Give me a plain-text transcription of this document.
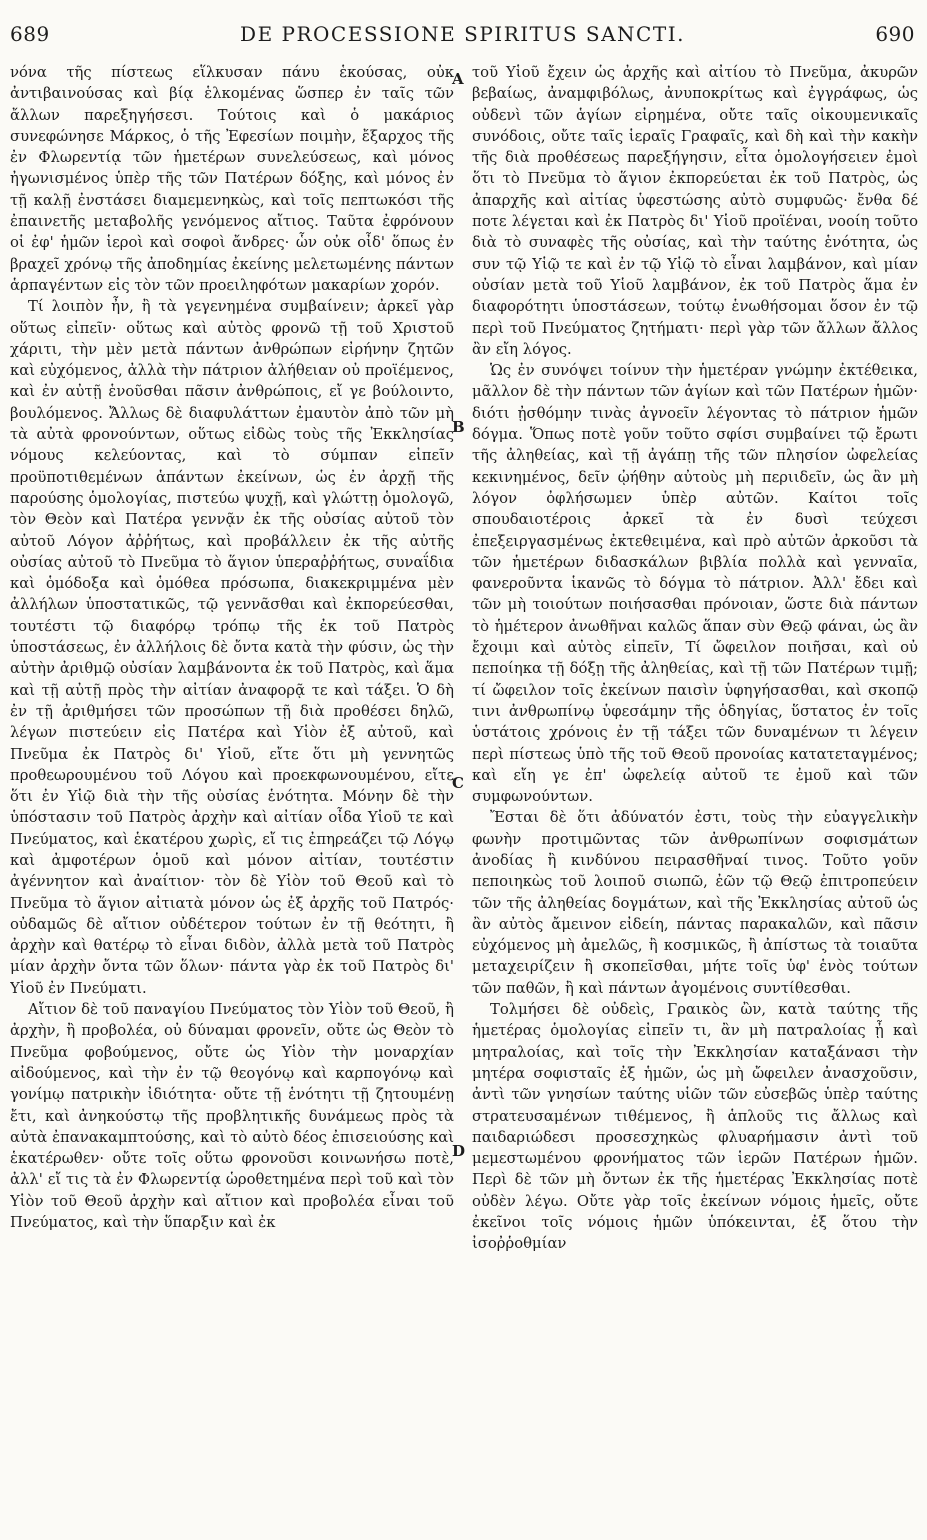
689	DE PROCESSIONE SPIRITUS SANCTI.	690

νόνα τῆς πίστεως εἵλκυσαν πάνυ ἑκούσας, οὐκ ἀντιβαινούσας καὶ βίᾳ ἑλκομένας ὥσπερ ἐν ταῖς τῶν ἄλλων παρεξηγήσεσι. Τούτοις καὶ ὁ μακάριος συνεφώνησε Μάρκος, ὁ τῆς Ἐφεσίων ποιμὴν, ἔξαρχος τῆς ἐν Φλωρεντίᾳ τῶν ἡμετέρων συνελεύσεως, καὶ μόνος ἠγωνισμένος ὑπὲρ τῆς τῶν Πατέρων δόξης, καὶ μόνος ἐν τῇ καλῇ ἐνστάσει διαμεμενηκὼς, καὶ τοῖς πεπτωκόσι τῆς ἐπαινετῆς μεταβολῆς γενόμενος αἴτιος. Ταῦτα ἐφρόνουν οἱ ἐφ' ἡμῶν ἱεροὶ καὶ σοφοὶ ἄνδρες· ὧν οὐκ οἶδ' ὅπως ἐν βραχεῖ χρόνῳ τῆς ἀποδημίας ἐκείνης μελετωμένης πάντων ἁρπαγέντων εἰς τὸν τῶν προειληφότων μακαρίων χορόν.

Τί λοιπὸν ἦν, ἢ τὰ γεγενημένα συμβαίνειν; ἀρκεῖ γὰρ οὕτως εἰπεῖν· οὕτως καὶ αὐτὸς φρονῶ τῇ τοῦ Χριστοῦ χάριτι, τὴν μὲν μετὰ πάντων ἀνθρώπων εἰρήνην ζητῶν καὶ εὐχόμενος, ἀλλὰ τὴν πάτριον ἀλήθειαν οὐ προϊέμενος, καὶ ἐν αὐτῇ ἑνοῦσθαι πᾶσιν ἀνθρώποις, εἴ γε βούλοιντο, βουλόμενος. Ἄλλως δὲ διαφυλάττων ἐμαυτὸν ἀπὸ τῶν μὴ τὰ αὐτὰ φρονούντων, οὕτως εἰδὼς τοὺς τῆς Ἐκκλησίας νόμους κελεύοντας, καὶ τὸ σύμπαν εἰπεῖν προϋποτιθεμένων ἁπάντων ἐκείνων, ὡς ἐν ἀρχῇ τῆς παρούσης ὁμολογίας, πιστεύω ψυχῇ, καὶ γλώττῃ ὁμολογῶ, τὸν Θεὸν καὶ Πατέρα γεννᾷν ἐκ τῆς οὐσίας αὐτοῦ τὸν αὐτοῦ Λόγον ἀῤῥήτως, καὶ προβάλλειν ἐκ τῆς αὐτῆς οὐσίας αὐτοῦ τὸ Πνεῦμα τὸ ἅγιον ὑπεραῤῥήτως, συναΐδια καὶ ὁμόδοξα καὶ ὁμόθεα πρόσωπα, διακεκριμμένα μὲν ἀλλήλων ὑποστατικῶς, τῷ γεννᾶσθαι καὶ ἐκπορεύεσθαι, τουτέστι τῷ διαφόρῳ τρόπῳ τῆς ἐκ τοῦ Πατρὸς ὑποστάσεως, ἐν ἀλλήλοις δὲ ὄντα κατὰ τὴν φύσιν, ὡς τὴν αὐτὴν ἀριθμῷ οὐσίαν λαμβάνοντα ἐκ τοῦ Πατρὸς, καὶ ἅμα καὶ τῇ αὐτῇ πρὸς τὴν αἰτίαν ἀναφορᾷ τε καὶ τάξει. Ὁ δὴ ἐν τῇ ἀριθμήσει τῶν προσώπων τῇ διὰ προθέσει δηλῶ, λέγων πιστεύειν εἰς Πατέρα καὶ Υἱὸν ἐξ αὐτοῦ, καὶ Πνεῦμα ἐκ Πατρὸς δι' Υἱοῦ, εἴτε ὅτι μὴ γεννητῶς προθεωρουμένου τοῦ Λόγου καὶ προεκφωνουμένου, εἴτε ὅτι ἐν Υἱῷ διὰ τὴν τῆς οὐσίας ἑνότητα. Μόνην δὲ τὴν ὑπόστασιν τοῦ Πατρὸς ἀρχὴν καὶ αἰτίαν οἶδα Υἱοῦ τε καὶ Πνεύματος, καὶ ἑκατέρου χωρὶς, εἴ τις ἐπηρεάζει τῷ Λόγῳ καὶ ἀμφοτέρων ὁμοῦ καὶ μόνον αἰτίαν, τουτέστιν ἀγέννητον καὶ ἀναίτιον· τὸν δὲ Υἱὸν τοῦ Θεοῦ καὶ τὸ Πνεῦμα τὸ ἅγιον αἰτιατὰ μόνον ὡς ἐξ ἀρχῆς τοῦ Πατρός· οὐδαμῶς δὲ αἴτιον οὐδέτερον τούτων ἐν τῇ θεότητι, ἢ ἀρχὴν καὶ θατέρῳ τὸ εἶναι διδὸν, ἀλλὰ μετὰ τοῦ Πατρὸς μίαν ἀρχὴν ὄντα τῶν ὅλων· πάντα γὰρ ἐκ τοῦ Πατρὸς δι' Υἱοῦ ἐν Πνεύματι.

Αἴτιον δὲ τοῦ παναγίου Πνεύματος τὸν Υἱὸν τοῦ Θεοῦ, ἢ ἀρχὴν, ἢ προβολέα, οὐ δύναμαι φρονεῖν, οὔτε ὡς Θεὸν τὸ Πνεῦμα φοβούμενος, οὔτε ὡς Υἱὸν τὴν μοναρχίαν αἰδούμενος, καὶ τὴν ἐν τῷ θεογόνῳ καὶ καρπογόνῳ καὶ γονίμῳ πατρικὴν ἰδιότητα· οὔτε τῇ ἑνότητι τῇ ζητουμένῃ ἔτι, καὶ ἀνηκούστῳ τῆς προβλητικῆς δυνάμεως πρὸς τὰ αὐτὰ ἐπανακαμπτούσης, καὶ τὸ αὐτὸ δέος ἐπισειούσης καὶ ἑκατέρωθεν· οὔτε τοῖς οὕτω φρονοῦσι κοινωνήσω ποτὲ, ἀλλ' εἴ τις τὰ ἐν Φλωρεντίᾳ ὡροθετημένα περὶ τοῦ καὶ τὸν Υἱὸν τοῦ Θεοῦ ἀρχὴν καὶ αἴτιον καὶ προβολέα εἶναι τοῦ Πνεύματος, καὶ τὴν ὕπαρξιν καὶ ἐκ

A
B
C
D

τοῦ Υἱοῦ ἔχειν ὡς ἀρχῆς καὶ αἰτίου τὸ Πνεῦμα, ἀκυρῶν βεβαίως, ἀναμφιβόλως, ἀνυποκρίτως καὶ ἐγγράφως, ὡς οὐδενὶ τῶν ἁγίων εἰρημένα, οὔτε ταῖς οἰκουμενικαῖς συνόδοις, οὔτε ταῖς ἱεραῖς Γραφαῖς, καὶ δὴ καὶ τὴν κακὴν τῆς διὰ προθέσεως παρεξήγησιν, εἶτα ὁμολογήσειεν ἐμοὶ ὅτι τὸ Πνεῦμα τὸ ἅγιον ἐκπορεύεται ἐκ τοῦ Πατρὸς, ὡς ἀπαρχῆς καὶ αἰτίας ὑφεστώσης αὐτὸ συμφυῶς· ἔνθα δέ ποτε λέγεται καὶ ἐκ Πατρὸς δι' Υἱοῦ προϊέναι, νοοίη τοῦτο διὰ τὸ συναφὲς τῆς οὐσίας, καὶ τὴν ταύτης ἑνότητα, ὡς συν τῷ Υἱῷ τε καὶ ἐν τῷ Υἱῷ τὸ εἶναι λαμβάνον, καὶ μίαν οὐσίαν μετὰ τοῦ Υἱοῦ λαμβάνον, ἐκ τοῦ Πατρὸς ἅμα ἐν διαφορότητι ὑποστάσεων, τούτῳ ἑνωθήσομαι ὅσον ἐν τῷ περὶ τοῦ Πνεύματος ζητήματι· περὶ γὰρ τῶν ἄλλων ἄλλος ἂν εἴη λόγος.

Ὡς ἐν συνόψει τοίνυν τὴν ἡμετέραν γνώμην ἐκτέθεικα, μᾶλλον δὲ τὴν πάντων τῶν ἁγίων καὶ τῶν Πατέρων ἡμῶν· διότι ᾐσθόμην τινὰς ἀγνοεῖν λέγοντας τὸ πάτριον ἡμῶν δόγμα. Ὅπως ποτὲ γοῦν τοῦτο σφίσι συμβαίνει τῷ ἔρωτι τῆς ἀληθείας, καὶ τῇ ἀγάπῃ τῆς τῶν πλησίον ὠφελείας κεκινημένος, δεῖν ᾠήθην αὐτοὺς μὴ περιιδεῖν, ὡς ἂν μὴ λόγον ὀφλήσωμεν ὑπὲρ αὐτῶν. Καίτοι τοῖς σπουδαιοτέροις ἀρκεῖ τὰ ἐν δυσὶ τεύχεσι ἐπεξειργασμένως ἐκτεθειμένα, καὶ πρὸ αὐτῶν ἀρκοῦσι τὰ τῶν ἡμετέρων διδασκάλων βιβλία πολλὰ καὶ γενναῖα, φανεροῦντα ἱκανῶς τὸ δόγμα τὸ πάτριον. Ἀλλ' ἔδει καὶ τῶν μὴ τοιούτων ποιήσασθαι πρόνοιαν, ὥστε διὰ πάντων τὸ ἡμέτερον ἀνωθῆναι καλῶς ἅπαν σὺν Θεῷ φάναι, ὡς ἂν ἔχοιμι καὶ αὐτὸς εἰπεῖν, Τί ὤφειλον ποιῆσαι, καὶ οὐ πεποίηκα τῇ δόξῃ τῆς ἀληθείας, καὶ τῇ τῶν Πατέρων τιμῇ; τί ὤφειλον τοῖς ἐκείνων παισὶν ὑφηγήσασθαι, καὶ σκοπῷ τινι ἀνθρωπίνῳ ὑφεσάμην τῆς ὁδηγίας, ὕστατος ἐν τοῖς ὑστάτοις χρόνοις ἐν τῇ τάξει τῶν δυναμένων τι λέγειν περὶ πίστεως ὑπὸ τῆς τοῦ Θεοῦ προνοίας κατατεταγμένος; καὶ εἴη γε ἐπ' ὠφελείᾳ αὐτοῦ τε ἐμοῦ καὶ τῶν συμφωνούντων.

Ἔσται δὲ ὅτι ἀδύνατόν ἐστι, τοὺς τὴν εὐαγγελικὴν φωνὴν προτιμῶντας τῶν ἀνθρωπίνων σοφισμάτων ἀνοδίας ἢ κινδύνου πειρασθῆναί τινος. Τοῦτο γοῦν πεποιηκὼς τοῦ λοιποῦ σιωπῶ, ἐῶν τῷ Θεῷ ἐπιτροπεύειν τῶν τῆς ἀληθείας δογμάτων, καὶ τῆς Ἐκκλησίας αὐτοῦ ὡς ἂν αὐτὸς ἄμεινον εἰδείη, πάντας παρακαλῶν, καὶ πᾶσιν εὐχόμενος μὴ ἀμελῶς, ἢ κοσμικῶς, ἢ ἀπίστως τὰ τοιαῦτα μεταχειρίζειν ἢ σκοπεῖσθαι, μήτε τοῖς ὑφ' ἑνὸς τούτων τῶν παθῶν, ἢ καὶ πάντων ἀγομένοις συντίθεσθαι.

Τολμήσει δὲ οὐδεὶς, Γραικὸς ὢν, κατὰ ταύτης τῆς ἡμετέρας ὁμολογίας εἰπεῖν τι, ἂν μὴ πατραλοίας ᾖ καὶ μητραλοίας, καὶ τοῖς τὴν Ἐκκλησίαν καταξάνασι τὴν μητέρα σοφισταῖς ἐξ ἡμῶν, ὡς μὴ ὤφειλεν ἀνασχοῦσιν, ἀντὶ τῶν γνησίων ταύτης υἱῶν τῶν εὐσεβῶς ὑπὲρ ταύτης στρατευσαμένων τιθέμενος, ἢ ἁπλοῦς τις ἄλλως καὶ παιδαριώδεσι προσεσχηκὼς φλυαρήμασιν ἀντὶ τοῦ μεμεστωμένου φρονήματος τῶν ἱερῶν Πατέρων ἡμῶν. Περὶ δὲ τῶν μὴ ὄντων ἐκ τῆς ἡμετέρας Ἐκκλησίας ποτὲ οὐδὲν λέγω. Οὔτε γὰρ τοῖς ἐκείνων νόμοις ἡμεῖς, οὔτε ἐκεῖνοι τοῖς νόμοις ἡμῶν ὑπόκεινται, ἐξ ὅτου τὴν ἰσοῤῥοθμίαν
